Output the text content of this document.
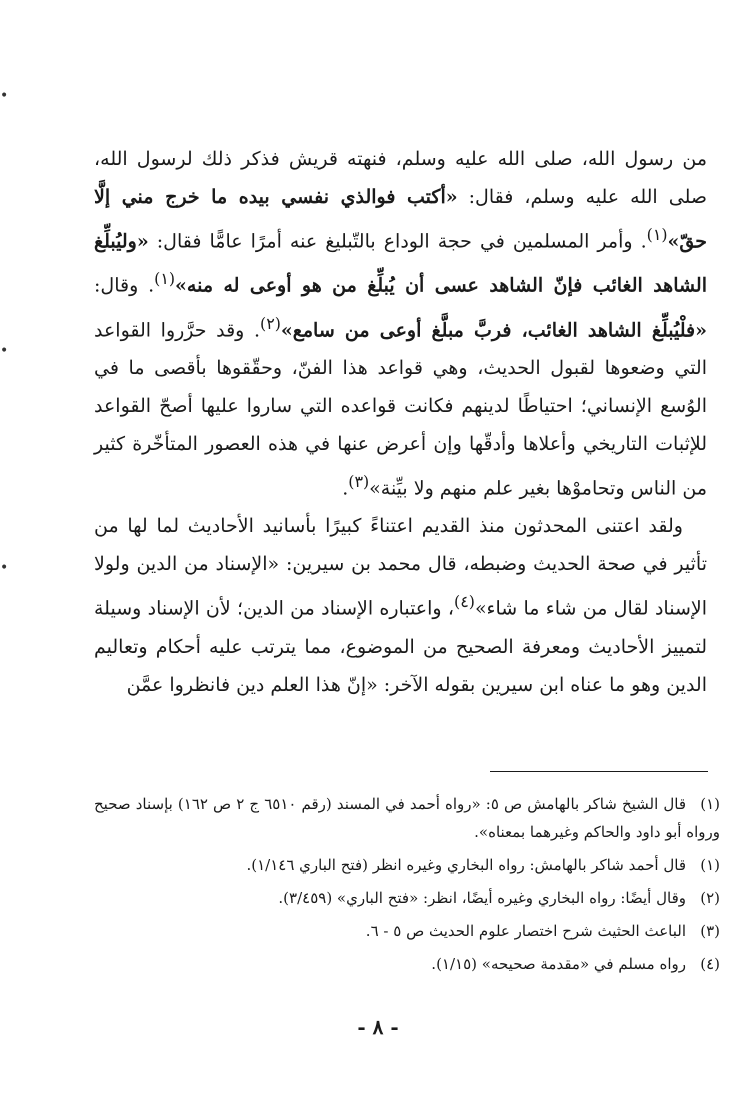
•
•
•

من رسول الله، صلى الله عليه وسلم، فنهته قريش فذكر ذلك لرسول الله، صلى الله عليه وسلم، فقال: «أكتب فوالذي نفسي بيده ما خرج مني إلَّا حقّ»$^{(١)}$. وأمر المسلمين في حجة الوداع بالتّبليغ عنه أمرًا عامًّا فقال: «وليُبلِّغ الشاهد الغائب فإنّ الشاهد عسى أن يُبلِّغ من هو أوعى له منه»$^{(١)}$. وقال: «فلْيُبلِّغ الشاهد الغائب، فربَّ مبلَّغ أوعى من سامع»$^{(٢)}$. وقد حرَّروا القواعد التي وضعوها لقبول الحديث، وهي قواعد هذا الفنّ، وحقّقوها بأقصى ما في الوُسع الإنساني؛ احتياطًا لدينهم فكانت قواعده التي ساروا عليها أصحّ القواعد للإثبات التاريخي وأعلاها وأدقّها وإن أعرض عنها في هذه العصور المتأخّرة كثير من الناس وتحاموْها بغير علم منهم ولا بيِّنة»$^{(٣)}$.

ولقد اعتنى المحدثون منذ القديم اعتناءً كبيرًا بأسانيد الأحاديث لما لها من تأثير في صحة الحديث وضبطه، قال محمد بن سيرين: «الإسناد من الدين ولولا الإسناد لقال من شاء ما شاء»$^{(٤)}$، واعتباره الإسناد من الدين؛ لأن الإسناد وسيلة لتمييز الأحاديث ومعرفة الصحيح من الموضوع، مما يترتب عليه أحكام وتعاليم الدين وهو ما عناه ابن سيرين بقوله الآخر: «إنّ هذا العلم دين فانظروا عمَّن

(١)قال الشيخ شاكر بالهامش ص ٥: «رواه أحمد في المسند (رقم ٦٥١٠ ج ٢ ص ١٦٢) بإسناد صحيح ورواه أبو داود والحاكم وغيرهما بمعناه».
(١)قال أحمد شاكر بالهامش: رواه البخاري وغيره انظر (فتح الباري ١/١٤٦).
(٢)وقال أيضًا: رواه البخاري وغيره أيضًا، انظر: «فتح الباري» (٣/٤٥٩).
(٣)الباعث الحثيث شرح اختصار علوم الحديث ص ٥ - ٦.
(٤)رواه مسلم في «مقدمة صحيحه» (١/١٥).
- ٨ -
